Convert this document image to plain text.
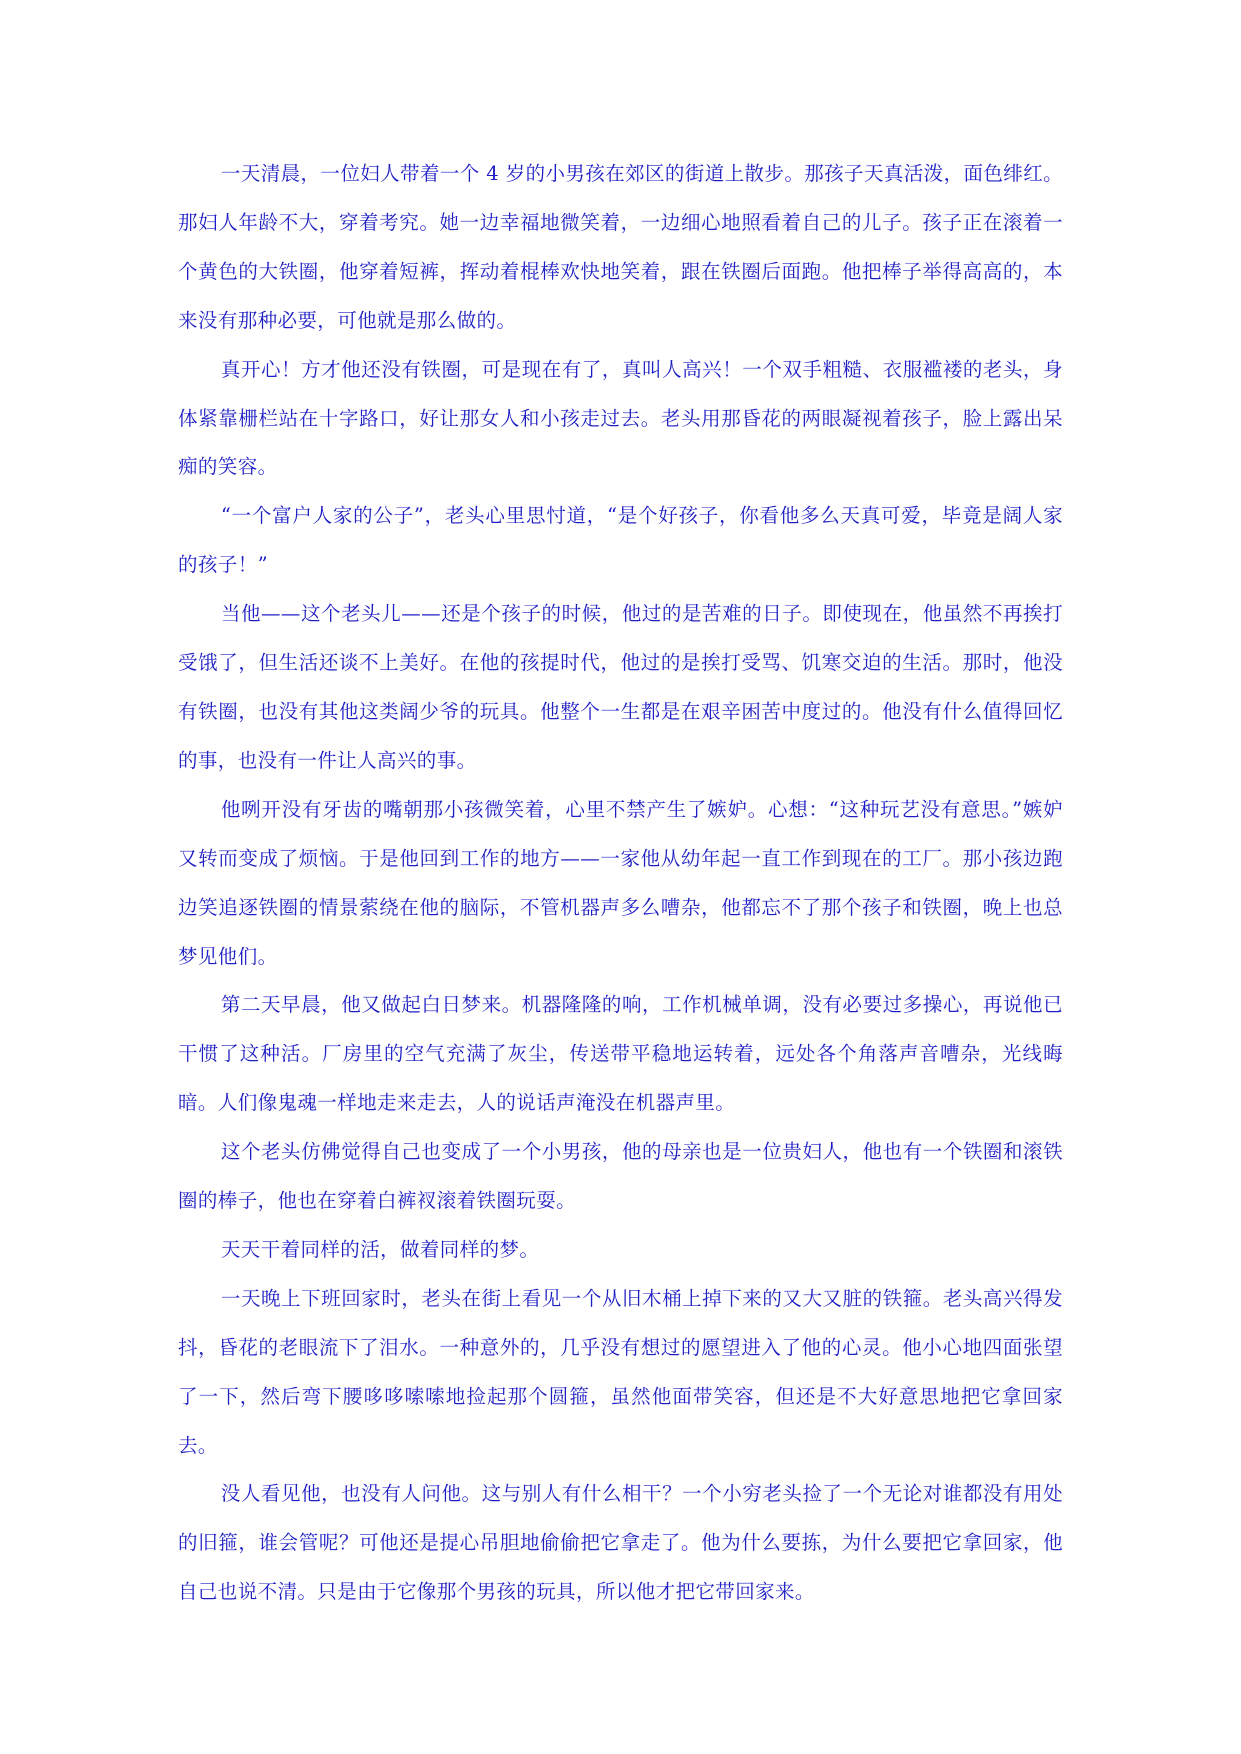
一天清晨，一位妇人带着一个 4 岁的小男孩在郊区的街道上散步。那孩子天真活泼，面色绯红。那妇人年龄不大，穿着考究。她一边幸福地微笑着，一边细心地照看着自己的儿子。孩子正在滚着一个黄色的大铁圈，他穿着短裤，挥动着棍棒欢快地笑着，跟在铁圈后面跑。他把棒子举得高高的，本来没有那种必要，可他就是那么做的。

真开心！方才他还没有铁圈，可是现在有了，真叫人高兴！一个双手粗糙、衣服褴褛的老头，身体紧靠栅栏站在十字路口，好让那女人和小孩走过去。老头用那昏花的两眼凝视着孩子，脸上露出呆痴的笑容。

“一个富户人家的公子”，老头心里思忖道，“是个好孩子，你看他多么天真可爱，毕竟是阔人家的孩子！”

当他——这个老头儿——还是个孩子的时候，他过的是苦难的日子。即使现在，他虽然不再挨打受饿了，但生活还谈不上美好。在他的孩提时代，他过的是挨打受骂、饥寒交迫的生活。那时，他没有铁圈，也没有其他这类阔少爷的玩具。他整个一生都是在艰辛困苦中度过的。他没有什么值得回忆的事，也没有一件让人高兴的事。

他咧开没有牙齿的嘴朝那小孩微笑着，心里不禁产生了嫉妒。心想：“这种玩艺没有意思。”嫉妒又转而变成了烦恼。于是他回到工作的地方——一家他从幼年起一直工作到现在的工厂。那小孩边跑边笑追逐铁圈的情景萦绕在他的脑际，不管机器声多么嘈杂，他都忘不了那个孩子和铁圈，晚上也总梦见他们。

第二天早晨，他又做起白日梦来。机器隆隆的响，工作机械单调，没有必要过多操心，再说他已干惯了这种活。厂房里的空气充满了灰尘，传送带平稳地运转着，远处各个角落声音嘈杂，光线晦暗。人们像鬼魂一样地走来走去，人的说话声淹没在机器声里。

这个老头仿佛觉得自己也变成了一个小男孩，他的母亲也是一位贵妇人，他也有一个铁圈和滚铁圈的棒子，他也在穿着白裤衩滚着铁圈玩耍。

天天干着同样的活，做着同样的梦。

一天晚上下班回家时，老头在街上看见一个从旧木桶上掉下来的又大又脏的铁箍。老头高兴得发抖，昏花的老眼流下了泪水。一种意外的，几乎没有想过的愿望进入了他的心灵。他小心地四面张望了一下，然后弯下腰哆哆嗦嗦地捡起那个圆箍，虽然他面带笑容，但还是不大好意思地把它拿回家去。

没人看见他，也没有人问他。这与别人有什么相干？一个小穷老头捡了一个无论对谁都没有用处的旧箍，谁会管呢？可他还是提心吊胆地偷偷把它拿走了。他为什么要拣，为什么要把它拿回家，他自己也说不清。只是由于它像那个男孩的玩具，所以他才把它带回家来。
